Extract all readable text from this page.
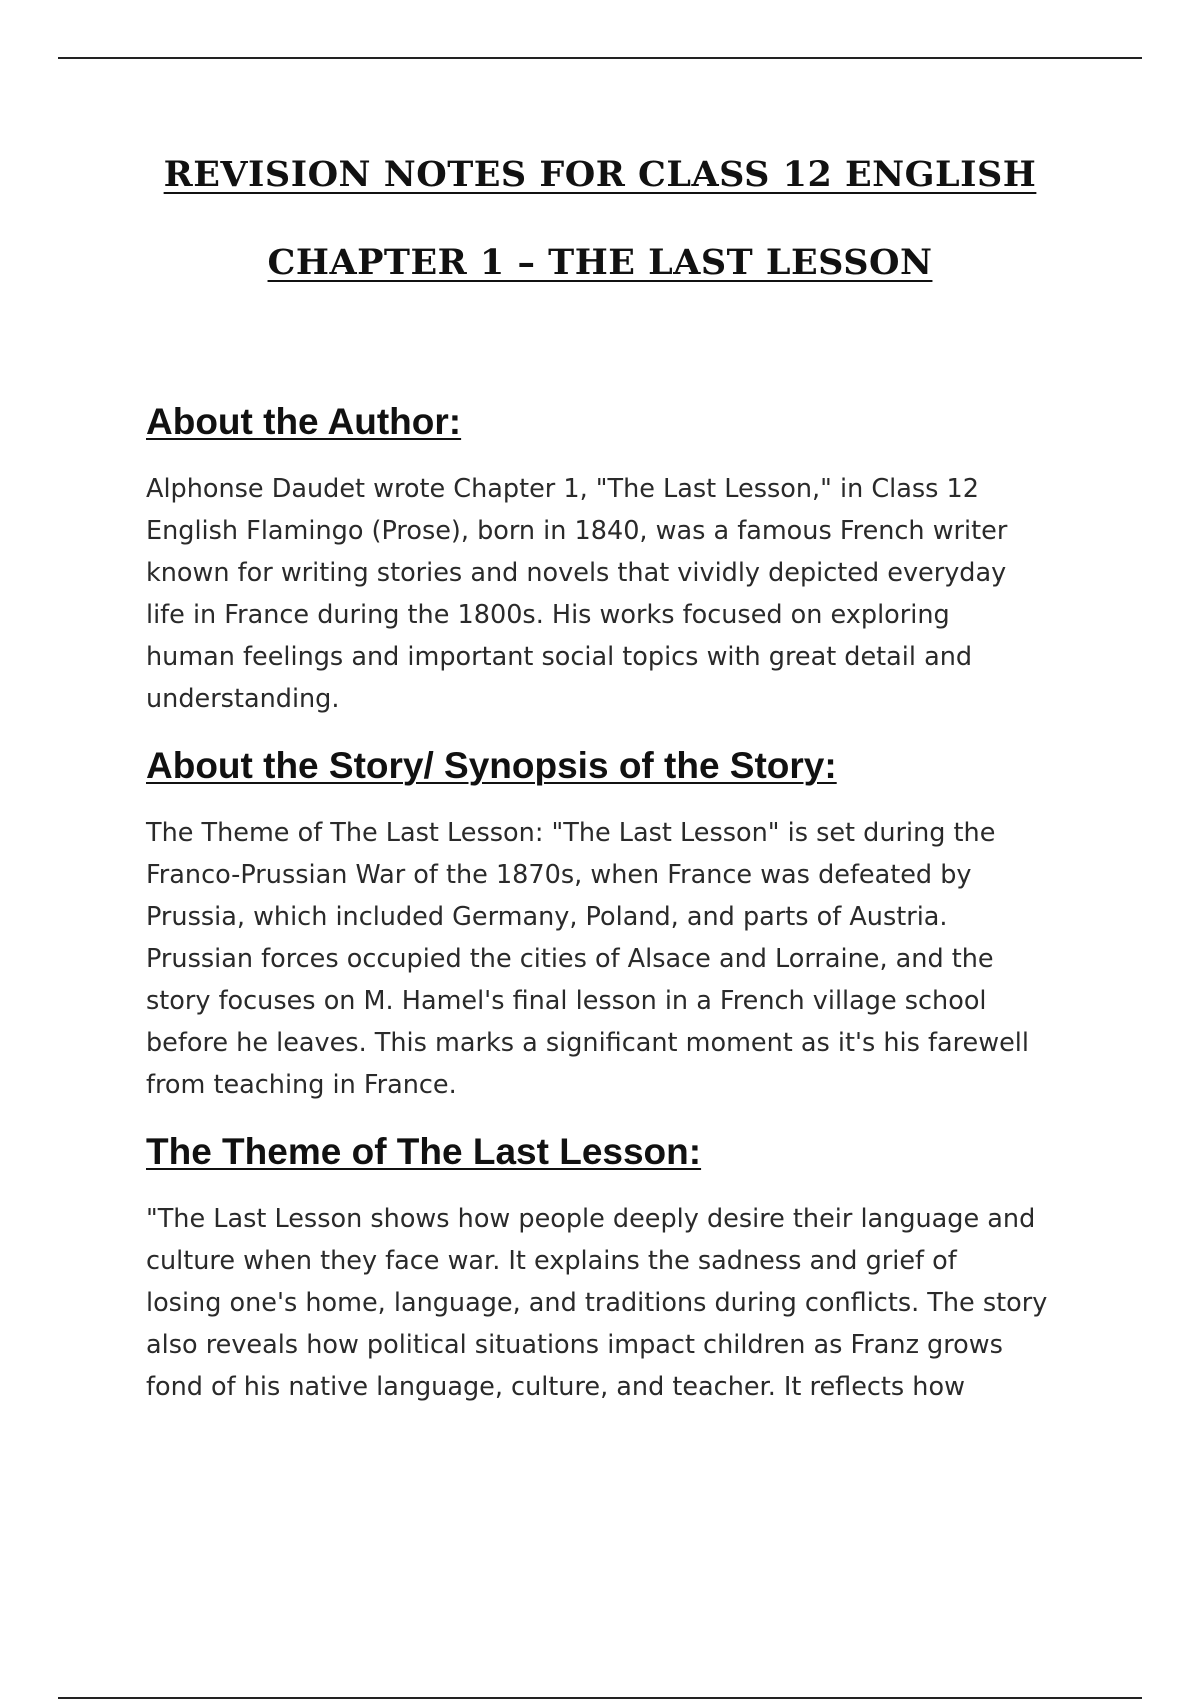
REVISION NOTES FOR CLASS 12 ENGLISH
CHAPTER 1 – THE LAST LESSON
About the Author:

Alphonse Daudet wrote Chapter 1, "The Last Lesson," in Class 12
English Flamingo (Prose), born in 1840, was a famous French writer
known for writing stories and novels that vividly depicted everyday
life in France during the 1800s. His works focused on exploring
human feelings and important social topics with great detail and
understanding.

About the Story/ Synopsis of the Story:

The Theme of The Last Lesson: "The Last Lesson" is set during the
Franco-Prussian War of the 1870s, when France was defeated by
Prussia, which included Germany, Poland, and parts of Austria.
Prussian forces occupied the cities of Alsace and Lorraine, and the
story focuses on M. Hamel's final lesson in a French village school
before he leaves. This marks a significant moment as it's his farewell
from teaching in France.

The Theme of The Last Lesson:

"The Last Lesson shows how people deeply desire their language and
culture when they face war. It explains the sadness and grief of
losing one's home, language, and traditions during conflicts. The story
also reveals how political situations impact children as Franz grows
fond of his native language, culture, and teacher. It reflects how
